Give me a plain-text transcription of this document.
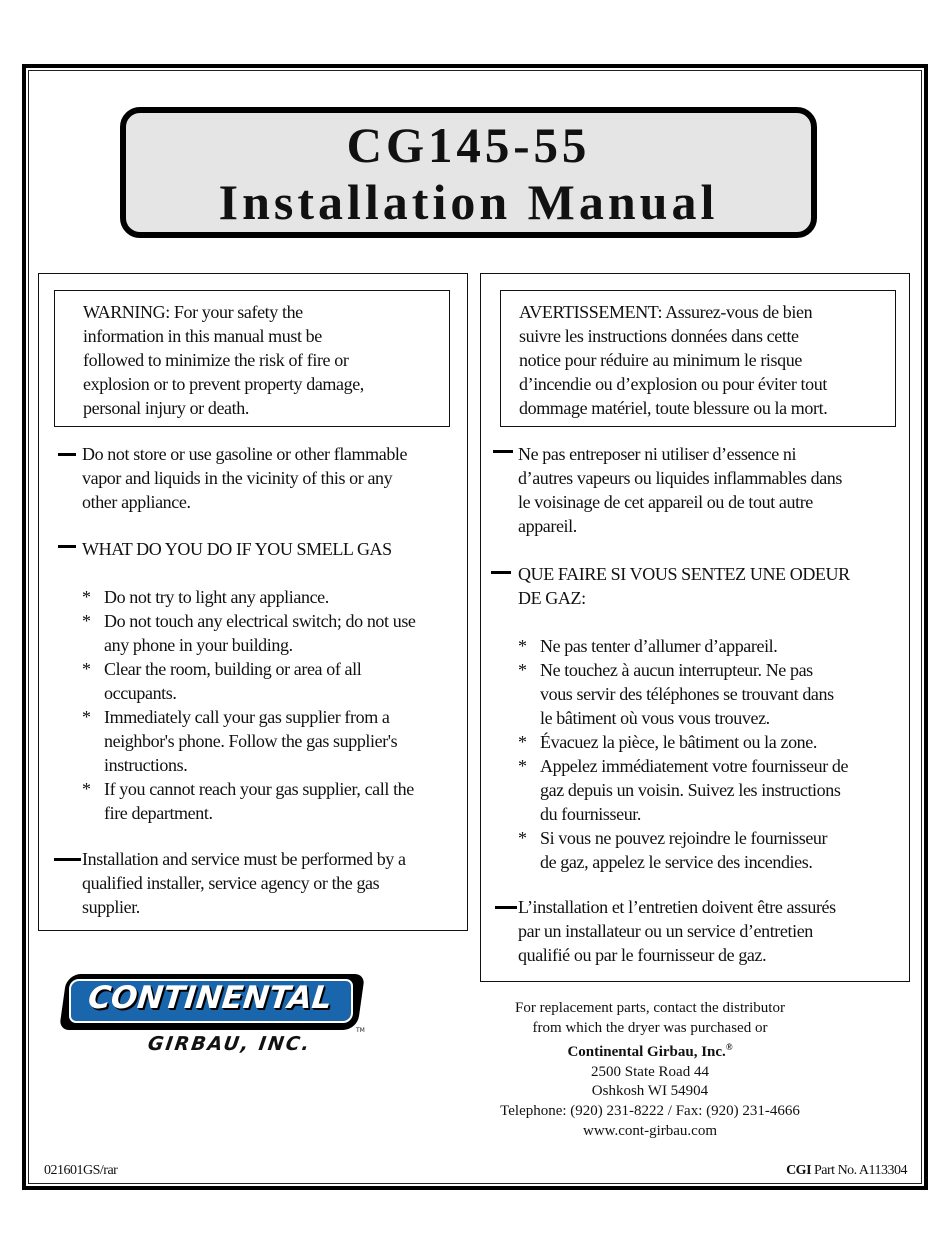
CG145-55
Installation Manual
WARNING: For your safety the
information in this manual must be
followed to minimize the risk of fire or
explosion or to prevent property damage,
personal injury or death.
Do not store or use gasoline or other flammable
vapor and liquids in the vicinity of this or any
other appliance.
WHAT DO YOU DO IF YOU SMELL GAS
* Do not try to light any appliance.
* Do not touch any electrical switch; do not use
any phone in your building.
* Clear the room, building or area of all
occupants.
* Immediately call your gas supplier from a
neighbor's phone. Follow the gas supplier's
instructions.
* If you cannot reach your gas supplier, call the
fire department.
Installation and service must be performed by a
qualified installer, service agency or the gas
supplier.
AVERTISSEMENT: Assurez-vous de bien
suivre les instructions données dans cette
notice pour réduire au minimum le risque
d’incendie ou d’explosion ou pour éviter tout
dommage matériel, toute blessure ou la mort.
Ne pas entreposer ni utiliser d’essence ni
d’autres vapeurs ou liquides inflammables dans
le voisinage de cet appareil ou de tout autre
appareil.
QUE FAIRE SI VOUS SENTEZ UNE ODEUR
DE GAZ:
* Ne pas tenter d’allumer d’appareil.
* Ne touchez à aucun interrupteur. Ne pas
vous servir des téléphones se trouvant dans
le bâtiment où vous vous trouvez.
* Évacuez la pièce, le bâtiment ou la zone.
* Appelez immédiatement votre fournisseur de
gaz depuis un voisin. Suivez les instructions
du fournisseur.
* Si vous ne pouvez rejoindre le fournisseur
de gaz, appelez le service des incendies.
L’installation et l’entretien doivent être assurés
par un installateur ou un service d’entretien
qualifié ou par le fournisseur de gaz.
CONTINENTAL
TM
GIRBAU, INC.
For replacement parts, contact the distributor
from which the dryer was purchased or
Continental Girbau, Inc.®
2500 State Road 44
Oshkosh WI 54904
Telephone: (920) 231-8222 / Fax: (920) 231-4666
www.cont-girbau.com
021601GS/rar	CGI Part No. A113304
